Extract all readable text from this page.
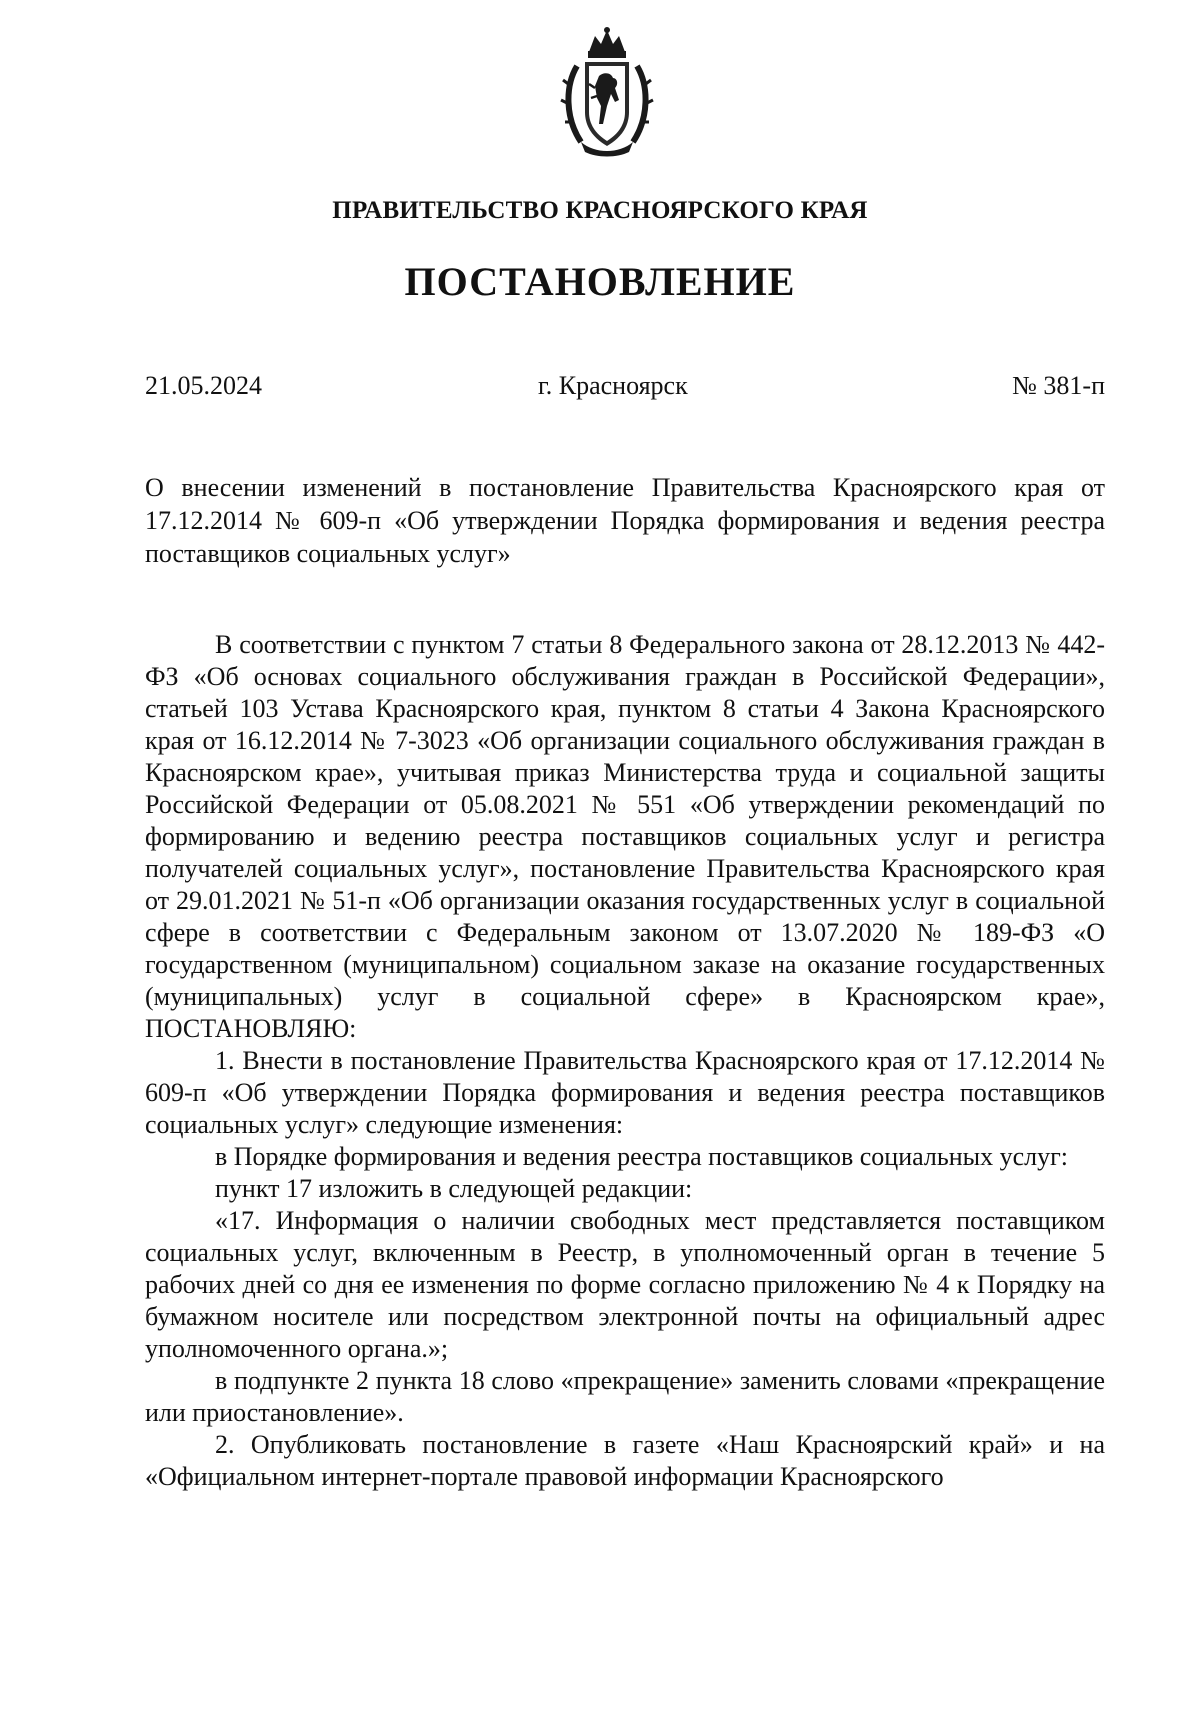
ПРАВИТЕЛЬСТВО КРАСНОЯРСКОГО КРАЯ
ПОСТАНОВЛЕНИЕ
21.05.2024	г. Красноярск	№ 381-п
О внесении изменений в постановление Правительства Красноярского края от 17.12.2014 № 609-п «Об утверждении Порядка формирования и ведения реестра поставщиков социальных услуг»

В соответствии с пунктом 7 статьи 8 Федерального закона от 28.12.2013 № 442-ФЗ «Об основах социального обслуживания граждан в Российской Федерации», статьей 103 Устава Красноярского края, пунктом 8 статьи 4 Закона Красноярского края от 16.12.2014 № 7-3023 «Об организации социального обслуживания граждан в Красноярском крае», учитывая приказ Министерства труда и социальной защиты Российской Федерации от 05.08.2021 № 551 «Об утверждении рекомендаций по формированию и ведению реестра поставщиков социальных услуг и регистра получателей социальных услуг», постановление Правительства Красноярского края от 29.01.2021 № 51-п «Об организации оказания государственных услуг в социальной сфере в соответствии с Федеральным законом от 13.07.2020 № 189-ФЗ «О государственном (муниципальном) социальном заказе на оказание государственных (муниципальных) услуг в социальной сфере» в Красноярском крае», ПОСТАНОВЛЯЮ:

1. Внести в постановление Правительства Красноярского края от 17.12.2014 № 609-п «Об утверждении Порядка формирования и ведения реестра поставщиков социальных услуг» следующие изменения:

в Порядке формирования и ведения реестра поставщиков социальных услуг:

пункт 17 изложить в следующей редакции:

«17. Информация о наличии свободных мест представляется поставщиком социальных услуг, включенным в Реестр, в уполномоченный орган в течение 5 рабочих дней со дня ее изменения по форме согласно приложению № 4 к Порядку на бумажном носителе или посредством электронной почты на официальный адрес уполномоченного органа.»;

в подпункте 2 пункта 18 слово «прекращение» заменить словами «прекращение или приостановление».

2. Опубликовать постановление в газете «Наш Красноярский край» и на «Официальном интернет-портале правовой информации Красноярского
